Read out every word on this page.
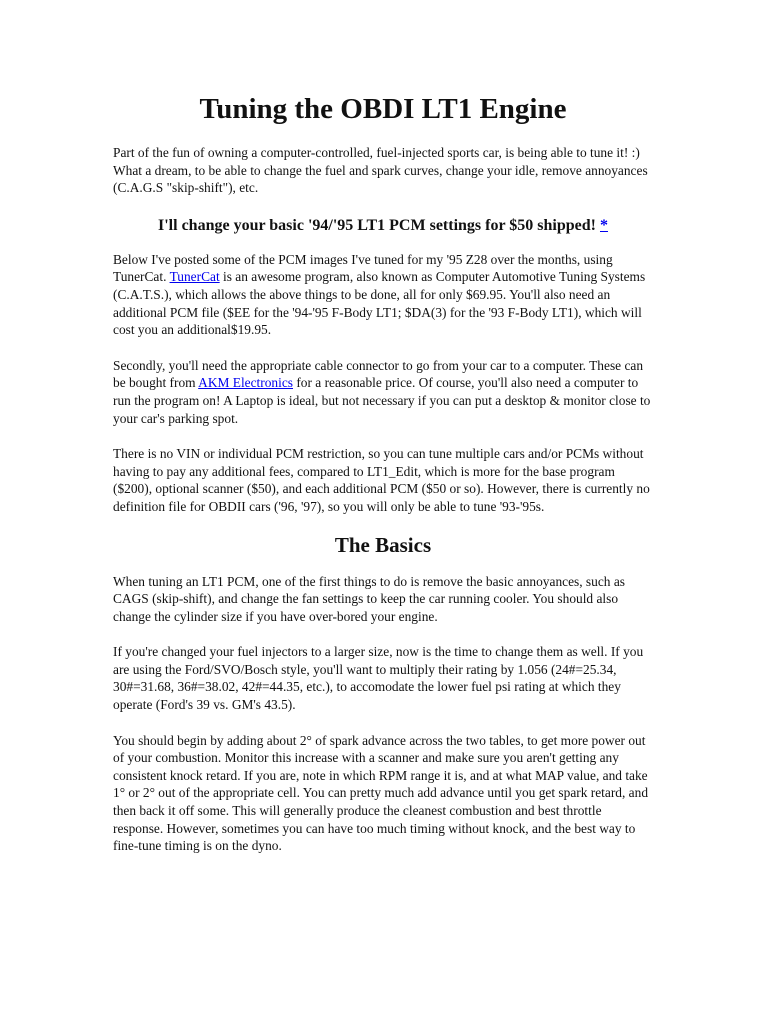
Tuning the OBDI LT1 Engine

Part of the fun of owning a computer-controlled, fuel-injected sports car, is being able to tune it! :) What a dream, to be able to change the fuel and spark curves, change your idle, remove annoyances (C.A.G.S "skip-shift"), etc.

I'll change your basic '94/'95 LT1 PCM settings for $50 shipped! *

Below I've posted some of the PCM images I've tuned for my '95 Z28 over the months, using TunerCat. TunerCat is an awesome program, also known as Computer Automotive Tuning Systems (C.A.T.S.), which allows the above things to be done, all for only $69.95. You'll also need an additional PCM file ($EE for the '94-'95 F-Body LT1; $DA(3) for the '93 F-Body LT1), which will cost you an additional$19.95.

Secondly, you'll need the appropriate cable connector to go from your car to a computer. These can be bought from AKM Electronics for a reasonable price. Of course, you'll also need a computer to run the program on! A Laptop is ideal, but not necessary if you can put a desktop & monitor close to your car's parking spot.

There is no VIN or individual PCM restriction, so you can tune multiple cars and/or PCMs without having to pay any additional fees, compared to LT1_Edit, which is more for the base program ($200), optional scanner ($50), and each additional PCM ($50 or so). However, there is currently no definition file for OBDII cars ('96, '97), so you will only be able to tune '93-'95s.

The Basics

When tuning an LT1 PCM, one of the first things to do is remove the basic annoyances, such as CAGS (skip-shift), and change the fan settings to keep the car running cooler. You should also change the cylinder size if you have over-bored your engine.

If you're changed your fuel injectors to a larger size, now is the time to change them as well. If you are using the Ford/SVO/Bosch style, you'll want to multiply their rating by 1.056 (24#=25.34, 30#=31.68, 36#=38.02, 42#=44.35, etc.), to accomodate the lower fuel psi rating at which they operate (Ford's 39 vs. GM's 43.5).

You should begin by adding about 2° of spark advance across the two tables, to get more power out of your combustion. Monitor this increase with a scanner and make sure you aren't getting any consistent knock retard. If you are, note in which RPM range it is, and at what MAP value, and take 1° or 2° out of the appropriate cell. You can pretty much add advance until you get spark retard, and then back it off some. This will generally produce the cleanest combustion and best throttle response. However, sometimes you can have too much timing without knock, and the best way to fine-tune timing is on the dyno.
